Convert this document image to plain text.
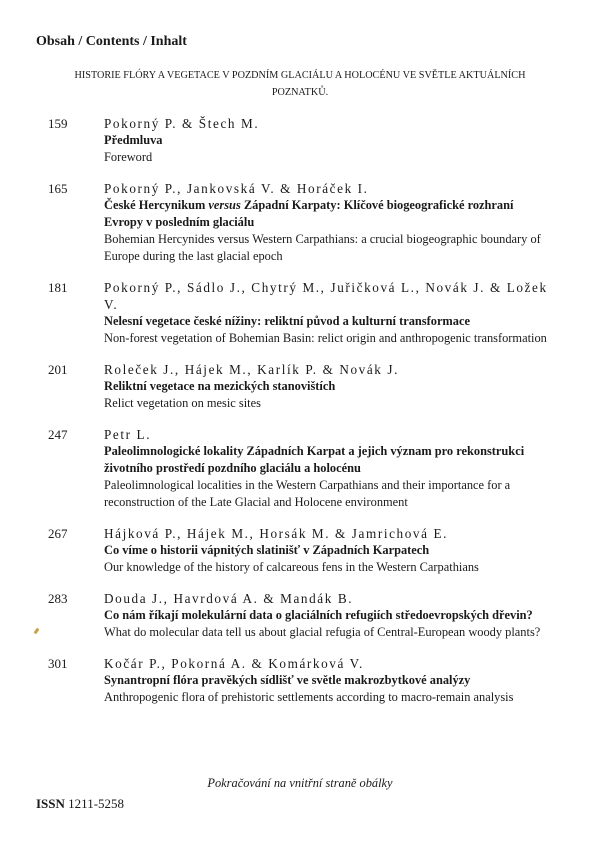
Obsah / Contents / Inhalt
HISTORIE FLÓRY A VEGETACE V POZDNÍM GLACIÁLU A HOLOCÉNU VE SVĚTLE AKTUÁLNÍCH POZNATKŮ.
159	Pokorný P. & Štech M.
Předmluva
Foreword
165	Pokorný P., Jankovská V. & Horáček I.
České Hercynikum versus Západní Karpaty: Klíčové biogeografické rozhraní Evropy v posledním glaciálu
Bohemian Hercynides versus Western Carpathians: a crucial biogeographic boundary of Europe during the last glacial epoch
181	Pokorný P., Sádlo J., Chytrý M., Juřičková L., Novák J. & Ložek V.
Nelesní vegetace české nížiny: reliktní původ a kulturní transformace
Non-forest vegetation of Bohemian Basin: relict origin and anthropogenic transformation
201	Roleček J., Hájek M., Karlík P. & Novák J.
Reliktní vegetace na mezických stanovištích
Relict vegetation on mesic sites
247	Petr L.
Paleolimnologické lokality Západních Karpat a jejich význam pro rekonstrukci životního prostředí pozdního glaciálu a holocénu
Paleolimnological localities in the Western Carpathians and their importance for a reconstruction of the Late Glacial and Holocene environment
267	Hájková P., Hájek M., Horsák M. & Jamrichová E.
Co víme o historii vápnitých slatinišť v Západních Karpatech
Our knowledge of the history of calcareous fens in the Western Carpathians
283	Douda J., Havrdová A. & Mandák B.
Co nám říkají molekulární data o glaciálních refugiích středoevropských dřevin?
What do molecular data tell us about glacial refugia of Central-European woody plants?
301	Kočár P., Pokorná A. & Komárková V.
Synantropní flóra pravěkých sídlišť ve světle makrozbytkové analýzy
Anthropogenic flora of prehistoric settlements according to macro-remain analysis
Pokračování na vnitřní straně obálky
ISSN 1211-5258
